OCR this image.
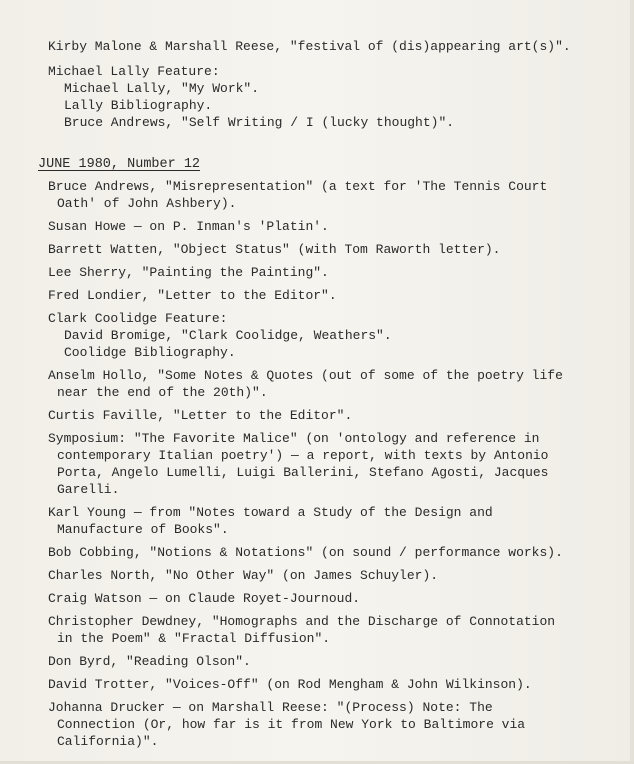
Kirby Malone & Marshall Reese, "festival of (dis)appearing art(s)".

Michael Lally Feature:

Michael Lally, "My Work".

Lally Bibliography.

Bruce Andrews, "Self Writing / I (lucky thought)".

JUNE 1980, Number 12

Bruce Andrews, "Misrepresentation" (a text for 'The Tennis Court
Oath' of John Ashbery).

Susan Howe — on P. Inman's 'Platin'.

Barrett Watten, "Object Status" (with Tom Raworth letter).

Lee Sherry, "Painting the Painting".

Fred Londier, "Letter to the Editor".

Clark Coolidge Feature:

David Bromige, "Clark Coolidge, Weathers".

Coolidge Bibliography.

Anselm Hollo, "Some Notes & Quotes (out of some of the poetry life
near the end of the 20th)".

Curtis Faville, "Letter to the Editor".

Symposium: "The Favorite Malice" (on 'ontology and reference in
contemporary Italian poetry') — a report, with texts by Antonio
Porta, Angelo Lumelli, Luigi Ballerini, Stefano Agosti, Jacques
Garelli.

Karl Young — from "Notes toward a Study of the Design and
Manufacture of Books".

Bob Cobbing, "Notions & Notations" (on sound / performance works).

Charles North, "No Other Way" (on James Schuyler).

Craig Watson — on Claude Royet-Journoud.

Christopher Dewdney, "Homographs and the Discharge of Connotation
in the Poem" & "Fractal Diffusion".

Don Byrd, "Reading Olson".

David Trotter, "Voices-Off" (on Rod Mengham & John Wilkinson).

Johanna Drucker — on Marshall Reese: "(Process) Note: The
Connection (Or, how far is it from New York to Baltimore via
California)".
